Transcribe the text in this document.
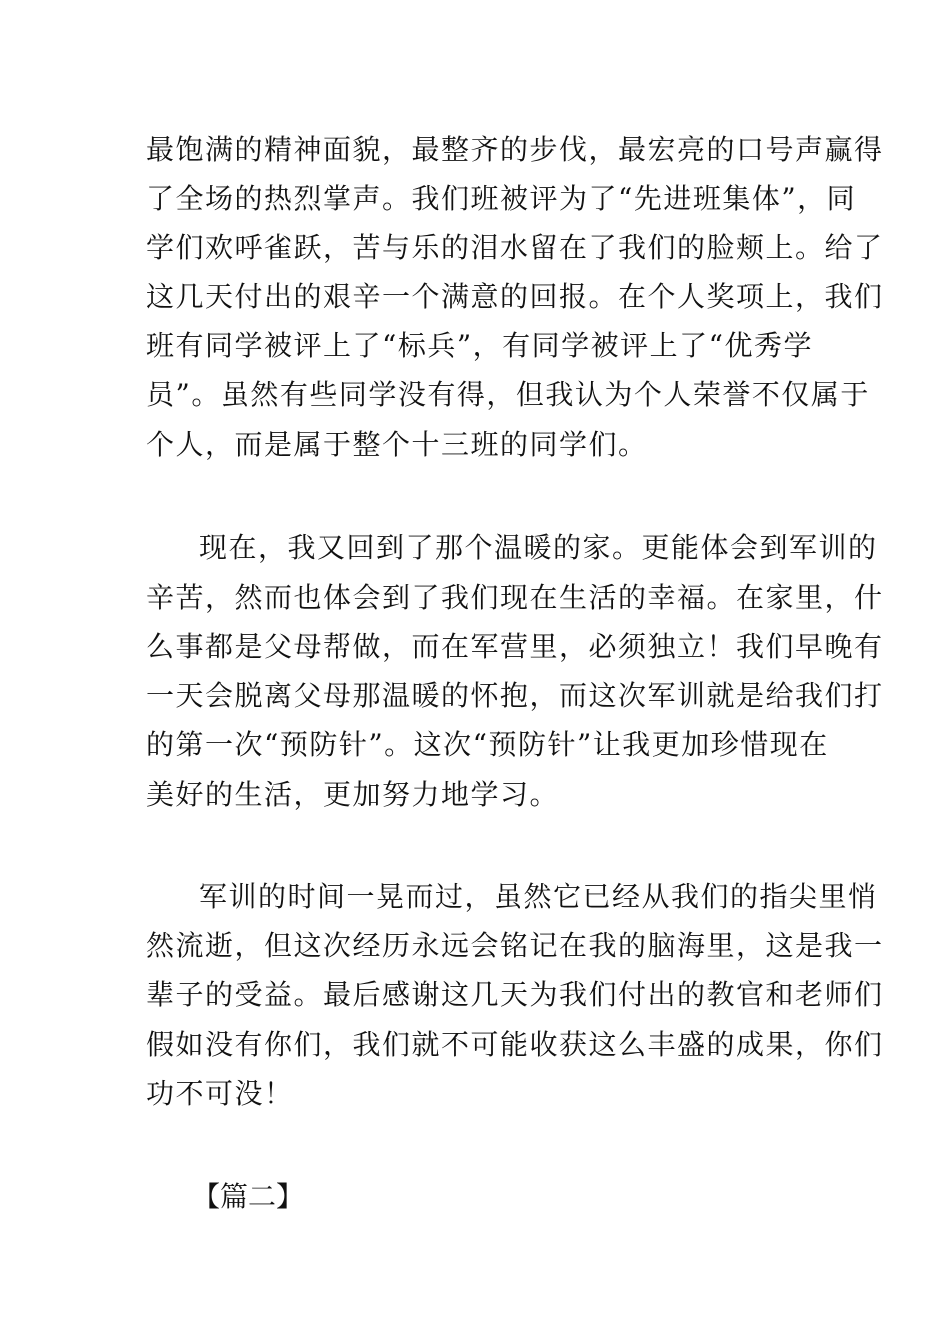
最饱满的精神面貌，最整齐的步伐，最宏亮的口号声赢得
了全场的热烈掌声。我们班被评为了“先进班集体”，同
学们欢呼雀跃，苦与乐的泪水留在了我们的脸颊上。给了
这几天付出的艰辛一个满意的回报。在个人奖项上，我们
班有同学被评上了“标兵”，有同学被评上了“优秀学
员”。虽然有些同学没有得，但我认为个人荣誉不仅属于
个人，而是属于整个十三班的同学们。
现在，我又回到了那个温暖的家。更能体会到军训的
辛苦，然而也体会到了我们现在生活的幸福。在家里，什
么事都是父母帮做，而在军营里，必须独立！我们早晚有
一天会脱离父母那温暖的怀抱，而这次军训就是给我们打
的第一次“预防针”。这次“预防针”让我更加珍惜现在
美好的生活，更加努力地学习。
军训的时间一晃而过，虽然它已经从我们的指尖里悄
然流逝，但这次经历永远会铭记在我的脑海里，这是我一
辈子的受益。最后感谢这几天为我们付出的教官和老师们
假如没有你们，我们就不可能收获这么丰盛的成果，你们
功不可没！
【篇二】
